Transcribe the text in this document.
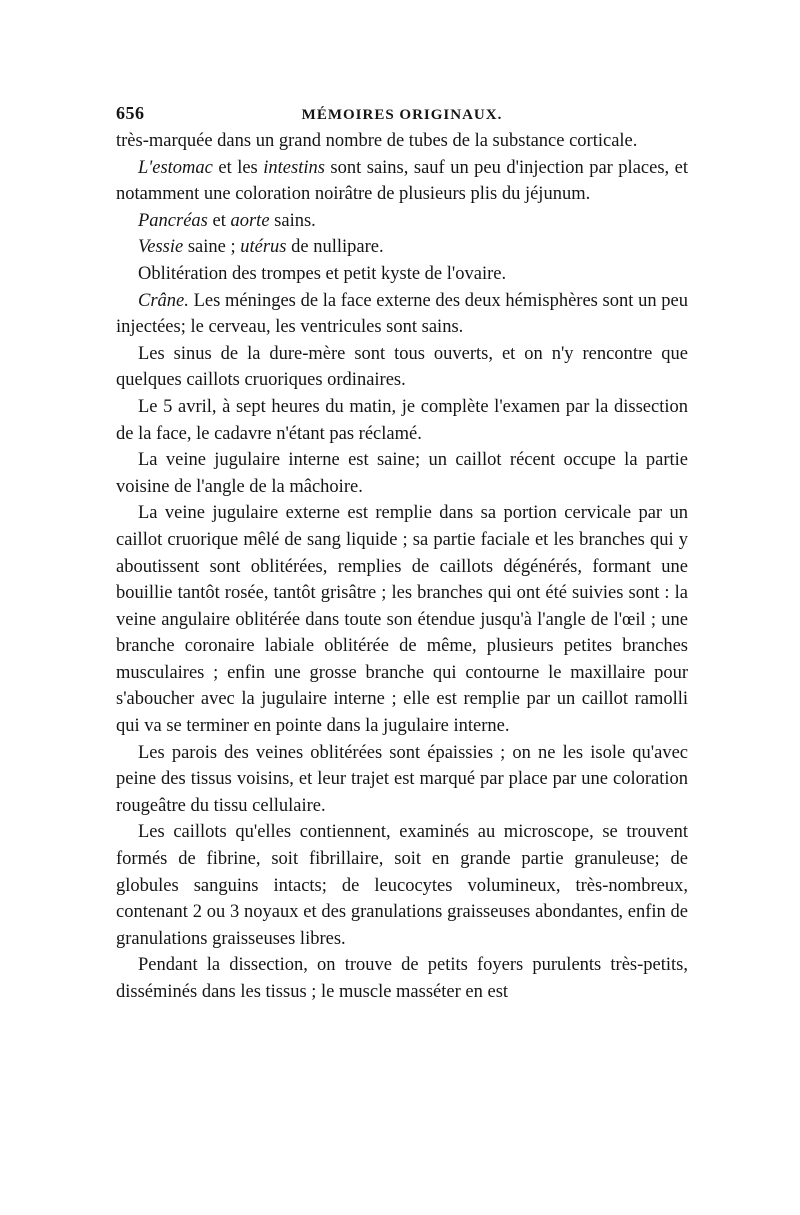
656	MÉMOIRES ORIGINAUX.

très-marquée dans un grand nombre de tubes de la substance corticale.

L'estomac et les intestins sont sains, sauf un peu d'injection par places, et notamment une coloration noirâtre de plusieurs plis du jéjunum.

Pancréas et aorte sains.

Vessie saine ; utérus de nullipare.

Oblitération des trompes et petit kyste de l'ovaire.

Crâne. Les méninges de la face externe des deux hémisphères sont un peu injectées; le cerveau, les ventricules sont sains.

Les sinus de la dure-mère sont tous ouverts, et on n'y rencontre que quelques caillots cruoriques ordinaires.

Le 5 avril, à sept heures du matin, je complète l'examen par la dissection de la face, le cadavre n'étant pas réclamé.

La veine jugulaire interne est saine; un caillot récent occupe la partie voisine de l'angle de la mâchoire.

La veine jugulaire externe est remplie dans sa portion cervicale par un caillot cruorique mêlé de sang liquide ; sa partie faciale et les branches qui y aboutissent sont oblitérées, remplies de caillots dégénérés, formant une bouillie tantôt rosée, tantôt grisâtre ; les branches qui ont été suivies sont : la veine angulaire oblitérée dans toute son étendue jusqu'à l'angle de l'œil ; une branche coronaire labiale oblitérée de même, plusieurs petites branches musculaires ; enfin une grosse branche qui contourne le maxillaire pour s'aboucher avec la jugulaire interne ; elle est remplie par un caillot ramolli qui va se terminer en pointe dans la jugulaire interne.

Les parois des veines oblitérées sont épaissies ; on ne les isole qu'avec peine des tissus voisins, et leur trajet est marqué par place par une coloration rougeâtre du tissu cellulaire.

Les caillots qu'elles contiennent, examinés au microscope, se trouvent formés de fibrine, soit fibrillaire, soit en grande partie granuleuse; de globules sanguins intacts; de leucocytes volumineux, très-nombreux, contenant 2 ou 3 noyaux et des granulations graisseuses abondantes, enfin de granulations graisseuses libres.

Pendant la dissection, on trouve de petits foyers purulents très-petits, disséminés dans les tissus ; le muscle masséter en est
